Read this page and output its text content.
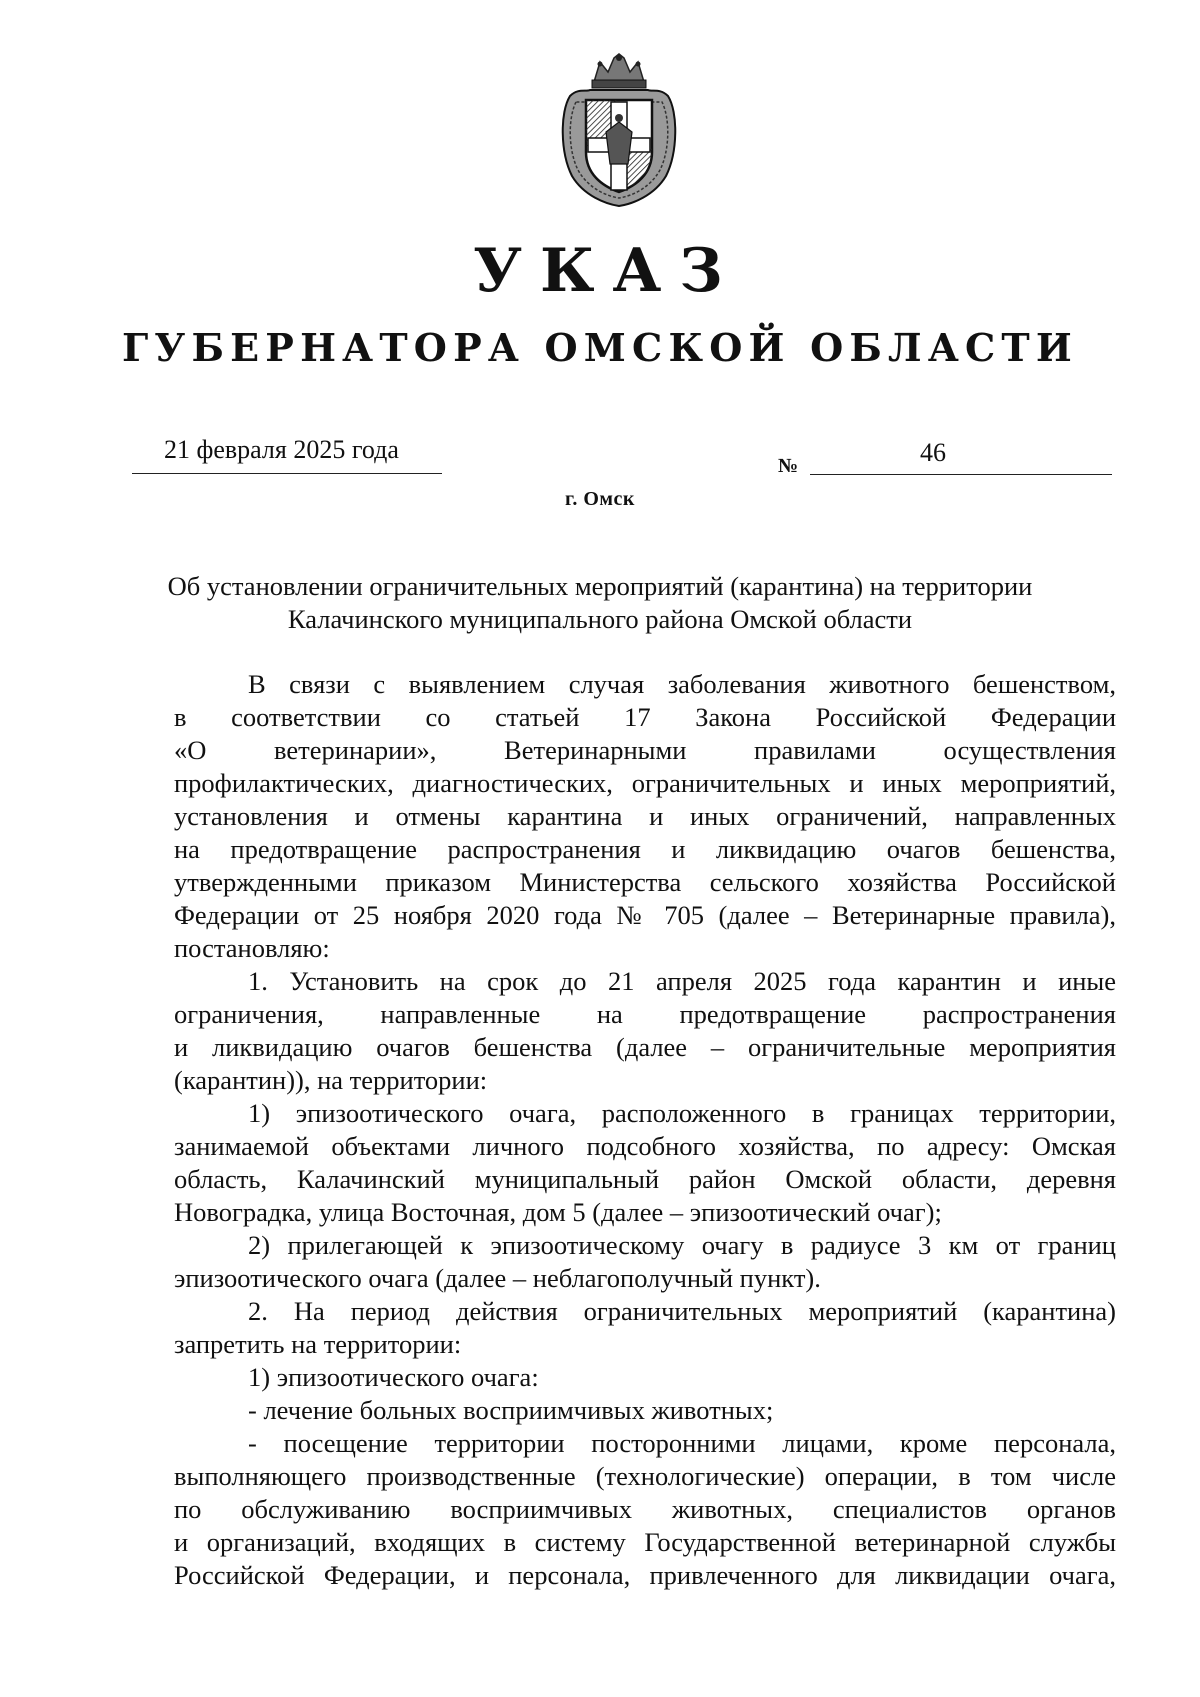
УКАЗ
ГУБЕРНАТОРА ОМСКОЙ ОБЛАСТИ
21 февраля 2025 года
№	46
г. Омск
Об установлении ограничительных мероприятий (карантина) на территории
Калачинского муниципального района Омской области
В связи с выявлением случая заболевания животного бешенством,
в соответствии со статьей 17 Закона Российской Федерации
«О ветеринарии», Ветеринарными правилами осуществления
профилактических, диагностических, ограничительных и иных мероприятий,
установления и отмены карантина и иных ограничений, направленных
на предотвращение распространения и ликвидацию очагов бешенства,
утвержденными приказом Министерства сельского хозяйства Российской
Федерации от 25 ноября 2020 года № 705 (далее – Ветеринарные правила),
постановляю:
1. Установить на срок до 21 апреля 2025 года карантин и иные
ограничения, направленные на предотвращение распространения
и ликвидацию очагов бешенства (далее – ограничительные мероприятия
(карантин)), на территории:
1) эпизоотического очага, расположенного в границах территории,
занимаемой объектами личного подсобного хозяйства, по адресу: Омская
область, Калачинский муниципальный район Омской области, деревня
Новоградка, улица Восточная, дом 5 (далее – эпизоотический очаг);
2) прилегающей к эпизоотическому очагу в радиусе 3 км от границ
эпизоотического очага (далее – неблагополучный пункт).
2. На период действия ограничительных мероприятий (карантина)
запретить на территории:
1) эпизоотического очага:
- лечение больных восприимчивых животных;
- посещение территории посторонними лицами, кроме персонала,
выполняющего производственные (технологические) операции, в том числе
по обслуживанию восприимчивых животных, специалистов органов
и организаций, входящих в систему Государственной ветеринарной службы
Российской Федерации, и персонала, привлеченного для ликвидации очага,
